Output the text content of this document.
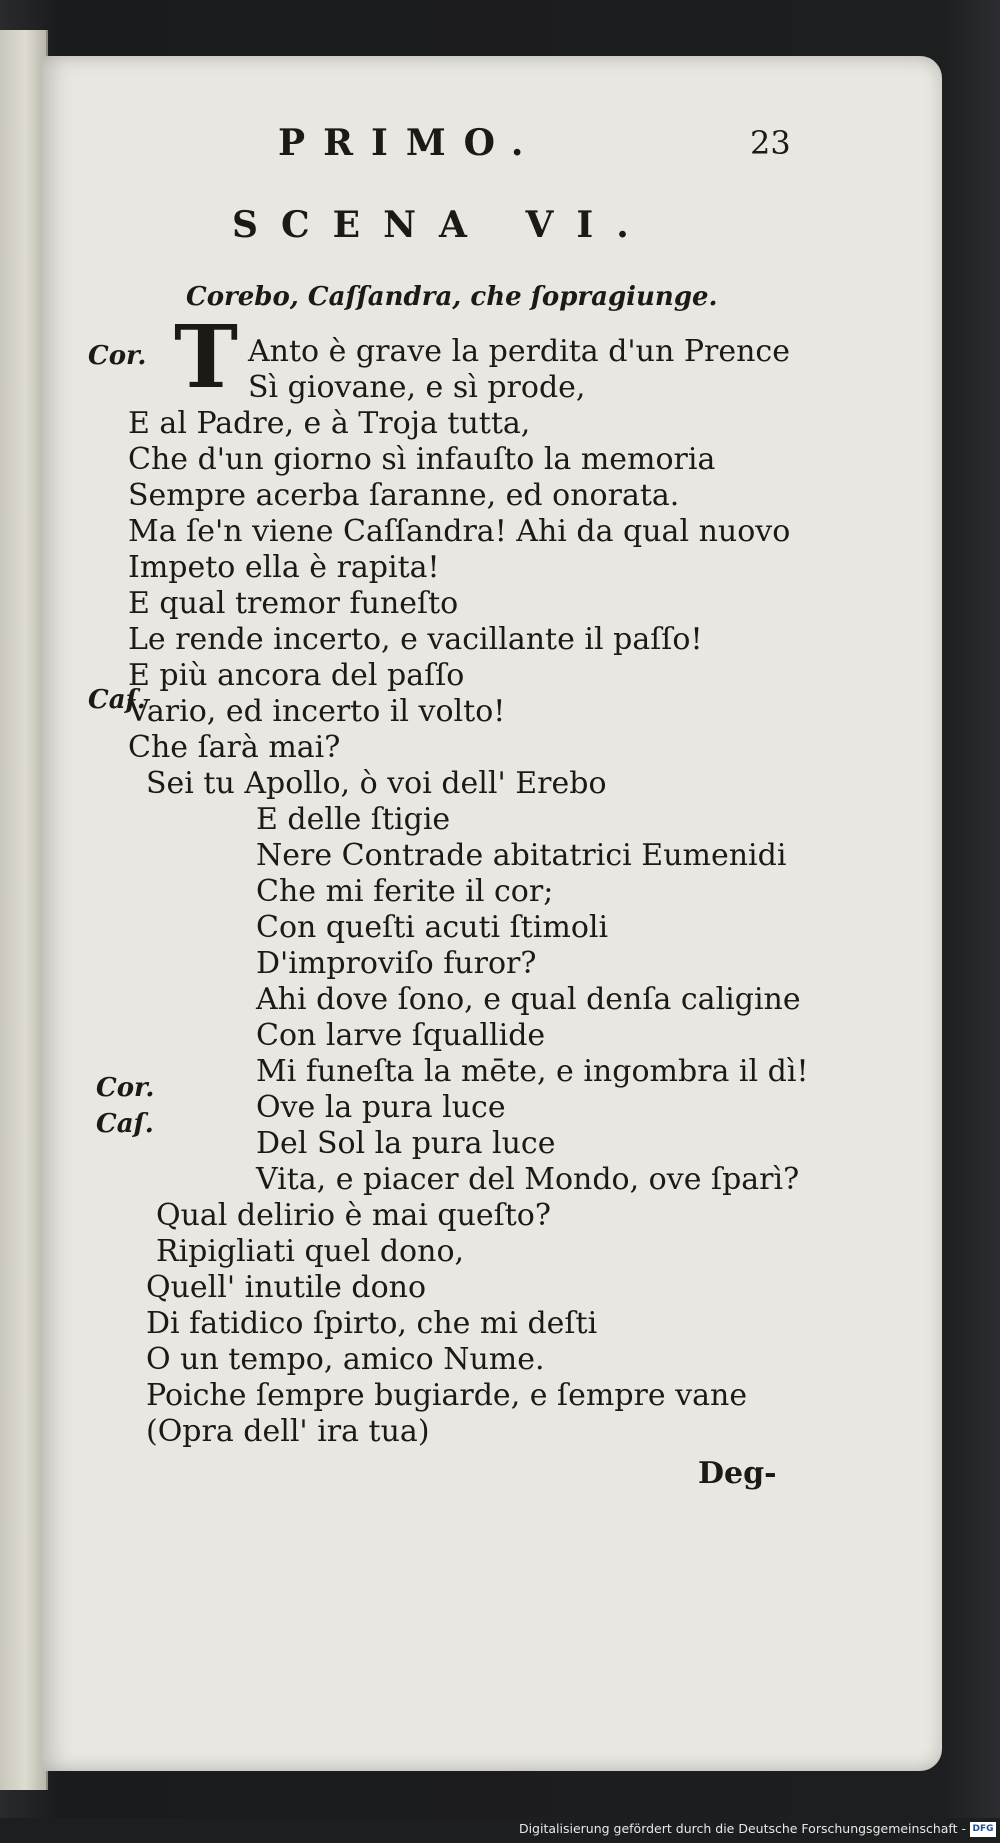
PRIMO.	23
SCENA VI.
Corebo, Caſſandra, che ſopragiunge.
T
Cor.
Caſ.
Cor.
Caſ.
Anto è grave la perdita d'un Prence
Sì giovane, e sì prode,
E al Padre, e à Troja tutta,
Che d'un giorno sì infauſto la memoria
Sempre acerba ſaranne, ed onorata.
Ma ſe'n viene Caſſandra! Ahi da qual nuovo
Impeto ella è rapita!
E qual tremor funeſto
Le rende incerto, e vacillante il paſſo!
E più ancora del paſſo
Vario, ed incerto il volto!
Che ſarà mai?
Sei tu Apollo, ò voi dell' Erebo
E delle ſtigie
Nere Contrade abitatrici Eumenidi
Che mi ferite il cor;
Con queſti acuti ſtimoli
D'improviſo furor?
Ahi dove ſono, e qual denſa caligine
Con larve ſquallide
Mi funeſta la mēte, e ingombra il dì!
Ove la pura luce
Del Sol la pura luce
Vita, e piacer del Mondo, ove ſparì?
Qual delirio è mai queſto?
Ripigliati quel dono,
Quell' inutile dono
Di fatidico ſpirto, che mi deſti
O un tempo, amico Nume.
Poiche ſempre bugiarde, e ſempre vane
(Opra dell' ira tua)
Deg-
Digitalisierung gefördert durch die Deutsche Forschungsgemeinschaft - DFG
